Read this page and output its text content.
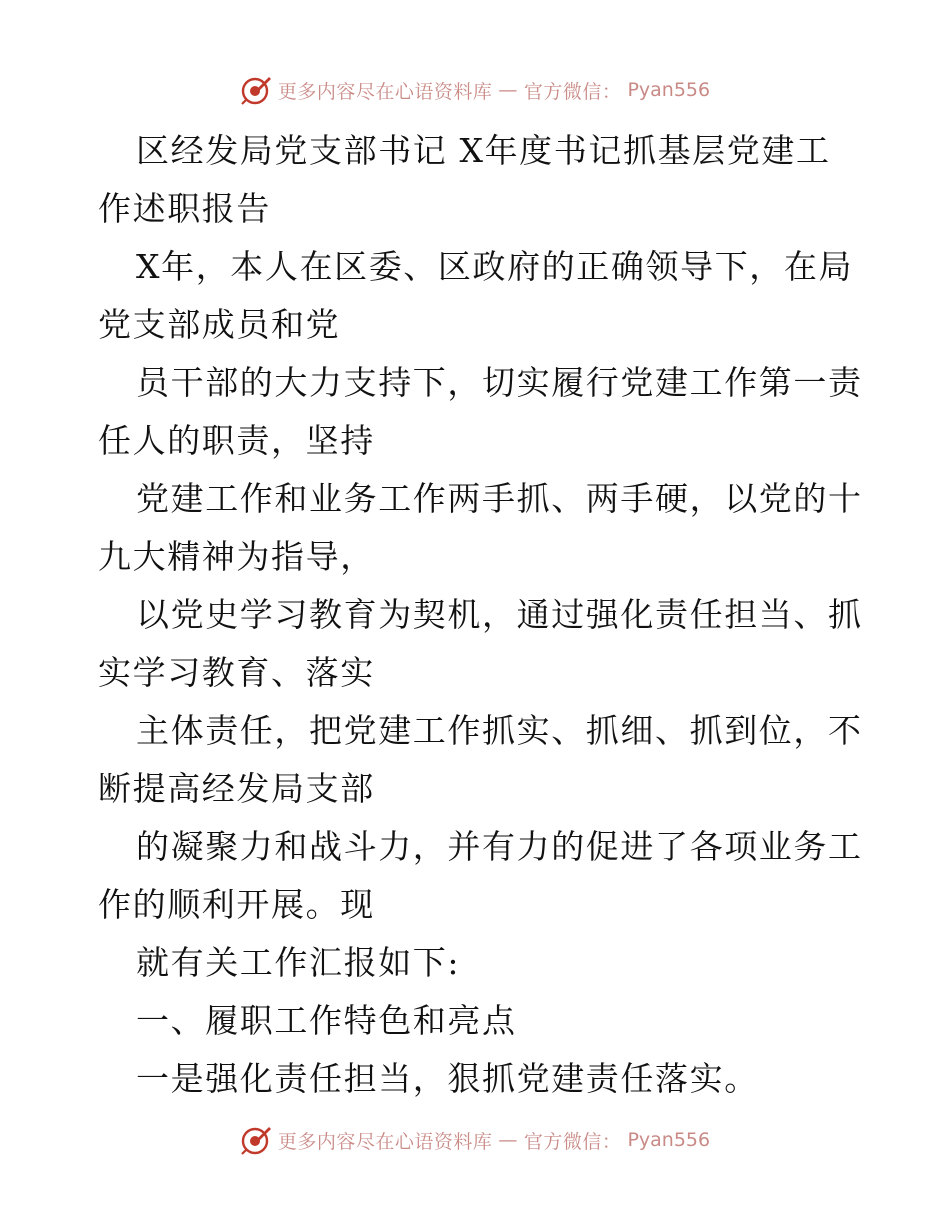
更多内容尽在心语资料库 — 官方微信： Pyan556
区经发局党支部书记 X年度书记抓基层党建工
作述职报告
X年，本人在区委、区政府的正确领导下，在局
党支部成员和党
员干部的大力支持下，切实履行党建工作第一责
任人的职责，坚持
党建工作和业务工作两手抓、两手硬，以党的十
九大精神为指导，
以党史学习教育为契机，通过强化责任担当、抓
实学习教育、落实
主体责任，把党建工作抓实、抓细、抓到位，不
断提高经发局支部
的凝聚力和战斗力，并有力的促进了各项业务工
作的顺利开展。现
就有关工作汇报如下:
一、履职工作特色和亮点
一是强化责任担当，狠抓党建责任落实。
更多内容尽在心语资料库 — 官方微信： Pyan556
